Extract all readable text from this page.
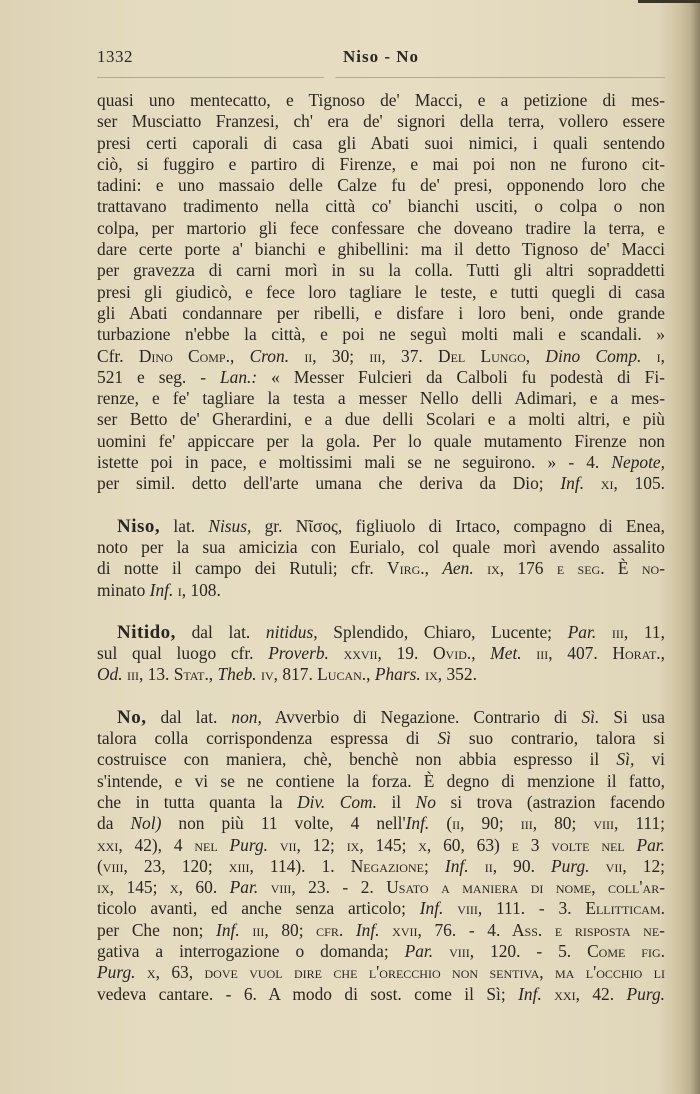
1332	Niso - No
quasi uno mentecatto, e Tignoso de' Macci, e a petizione di mes-
ser Musciatto Franzesi, ch' era de' signori della terra, vollero essere
presi certi caporali di casa gli Abati suoi nimici, i quali sentendo
ciò, si fuggiro e partiro di Firenze, e mai poi non ne furono cit-
tadini: e uno massaio delle Calze fu de' presi, opponendo loro che
trattavano tradimento nella città co' bianchi usciti, o colpa o non
colpa, per martorio gli fece confessare che doveano tradire la terra, e
dare certe porte a' bianchi e ghibellini: ma il detto Tignoso de' Macci
per gravezza di carni morì in su la colla. Tutti gli altri sopraddetti
presi gli giudicò, e fece loro tagliare le teste, e tutti quegli di casa
gli Abati condannare per ribelli, e disfare i loro beni, onde grande
turbazione n'ebbe la città, e poi ne seguì molti mali e scandali. »
Cfr. Dino Comp., Cron. ii, 30; iii, 37. Del Lungo, Dino Comp. i,
521 e seg. - Lan.: « Messer Fulcieri da Calboli fu podestà di Fi-
renze, e fe' tagliare la testa a messer Nello delli Adimari, e a mes-
ser Betto de' Gherardini, e a due delli Scolari e a molti altri, e più
uomini fe' appiccare per la gola. Per lo quale mutamento Firenze non
istette poi in pace, e moltissimi mali se ne seguirono. » - 4. Nepote,
per simil. detto dell'arte umana che deriva da Dio; Inf. xi, 105.
Niso, lat. Nisus, gr. Νῖσος, figliuolo di Irtaco, compagno di Enea,
noto per la sua amicizia con Eurialo, col quale morì avendo assalito
di notte il campo dei Rutuli; cfr. Virg., Aen. ix, 176 e seg. È no-
minato Inf. i, 108.
Nitido, dal lat. nitidus, Splendido, Chiaro, Lucente; Par. iii, 11,
sul qual luogo cfr. Proverb. xxvii, 19. Ovid., Met. iii, 407. Horat.,
Od. iii, 13. Stat., Theb. iv, 817. Lucan., Phars. ix, 352.
No, dal lat. non, Avverbio di Negazione. Contrario di Sì. Si usa
talora colla corrispondenza espressa di Sì suo contrario, talora si
costruisce con maniera, chè, benchè non abbia espresso il Sì, vi
s'intende, e vi se ne contiene la forza. È degno di menzione il fatto,
che in tutta quanta la Div. Com. il No si trova (astrazion facendo
da Nol) non più 11 volte, 4 nell'Inf. (ii, 90; iii, 80; viii, 111;
xxi, 42), 4 nel Purg. vii, 12; ix, 145; x, 60, 63) e 3 volte nel Par.
(viii, 23, 120; xiii, 114). 1. Negazione; Inf. ii, 90. Purg. vii, 12;
ix, 145; x, 60. Par. viii, 23. - 2. Usato a maniera di nome, coll'ar-
ticolo avanti, ed anche senza articolo; Inf. viii, 111. - 3. Ellitticam.
per Che non; Inf. iii, 80; cfr. Inf. xvii, 76. - 4. Ass. e risposta ne-
gativa a interrogazione o domanda; Par. viii, 120. - 5. Come fig.
Purg. x, 63, dove vuol dire che l'orecchio non sentiva, ma l'occhio li
vedeva cantare. - 6. A modo di sost. come il Sì; Inf. xxi, 42. Purg.
